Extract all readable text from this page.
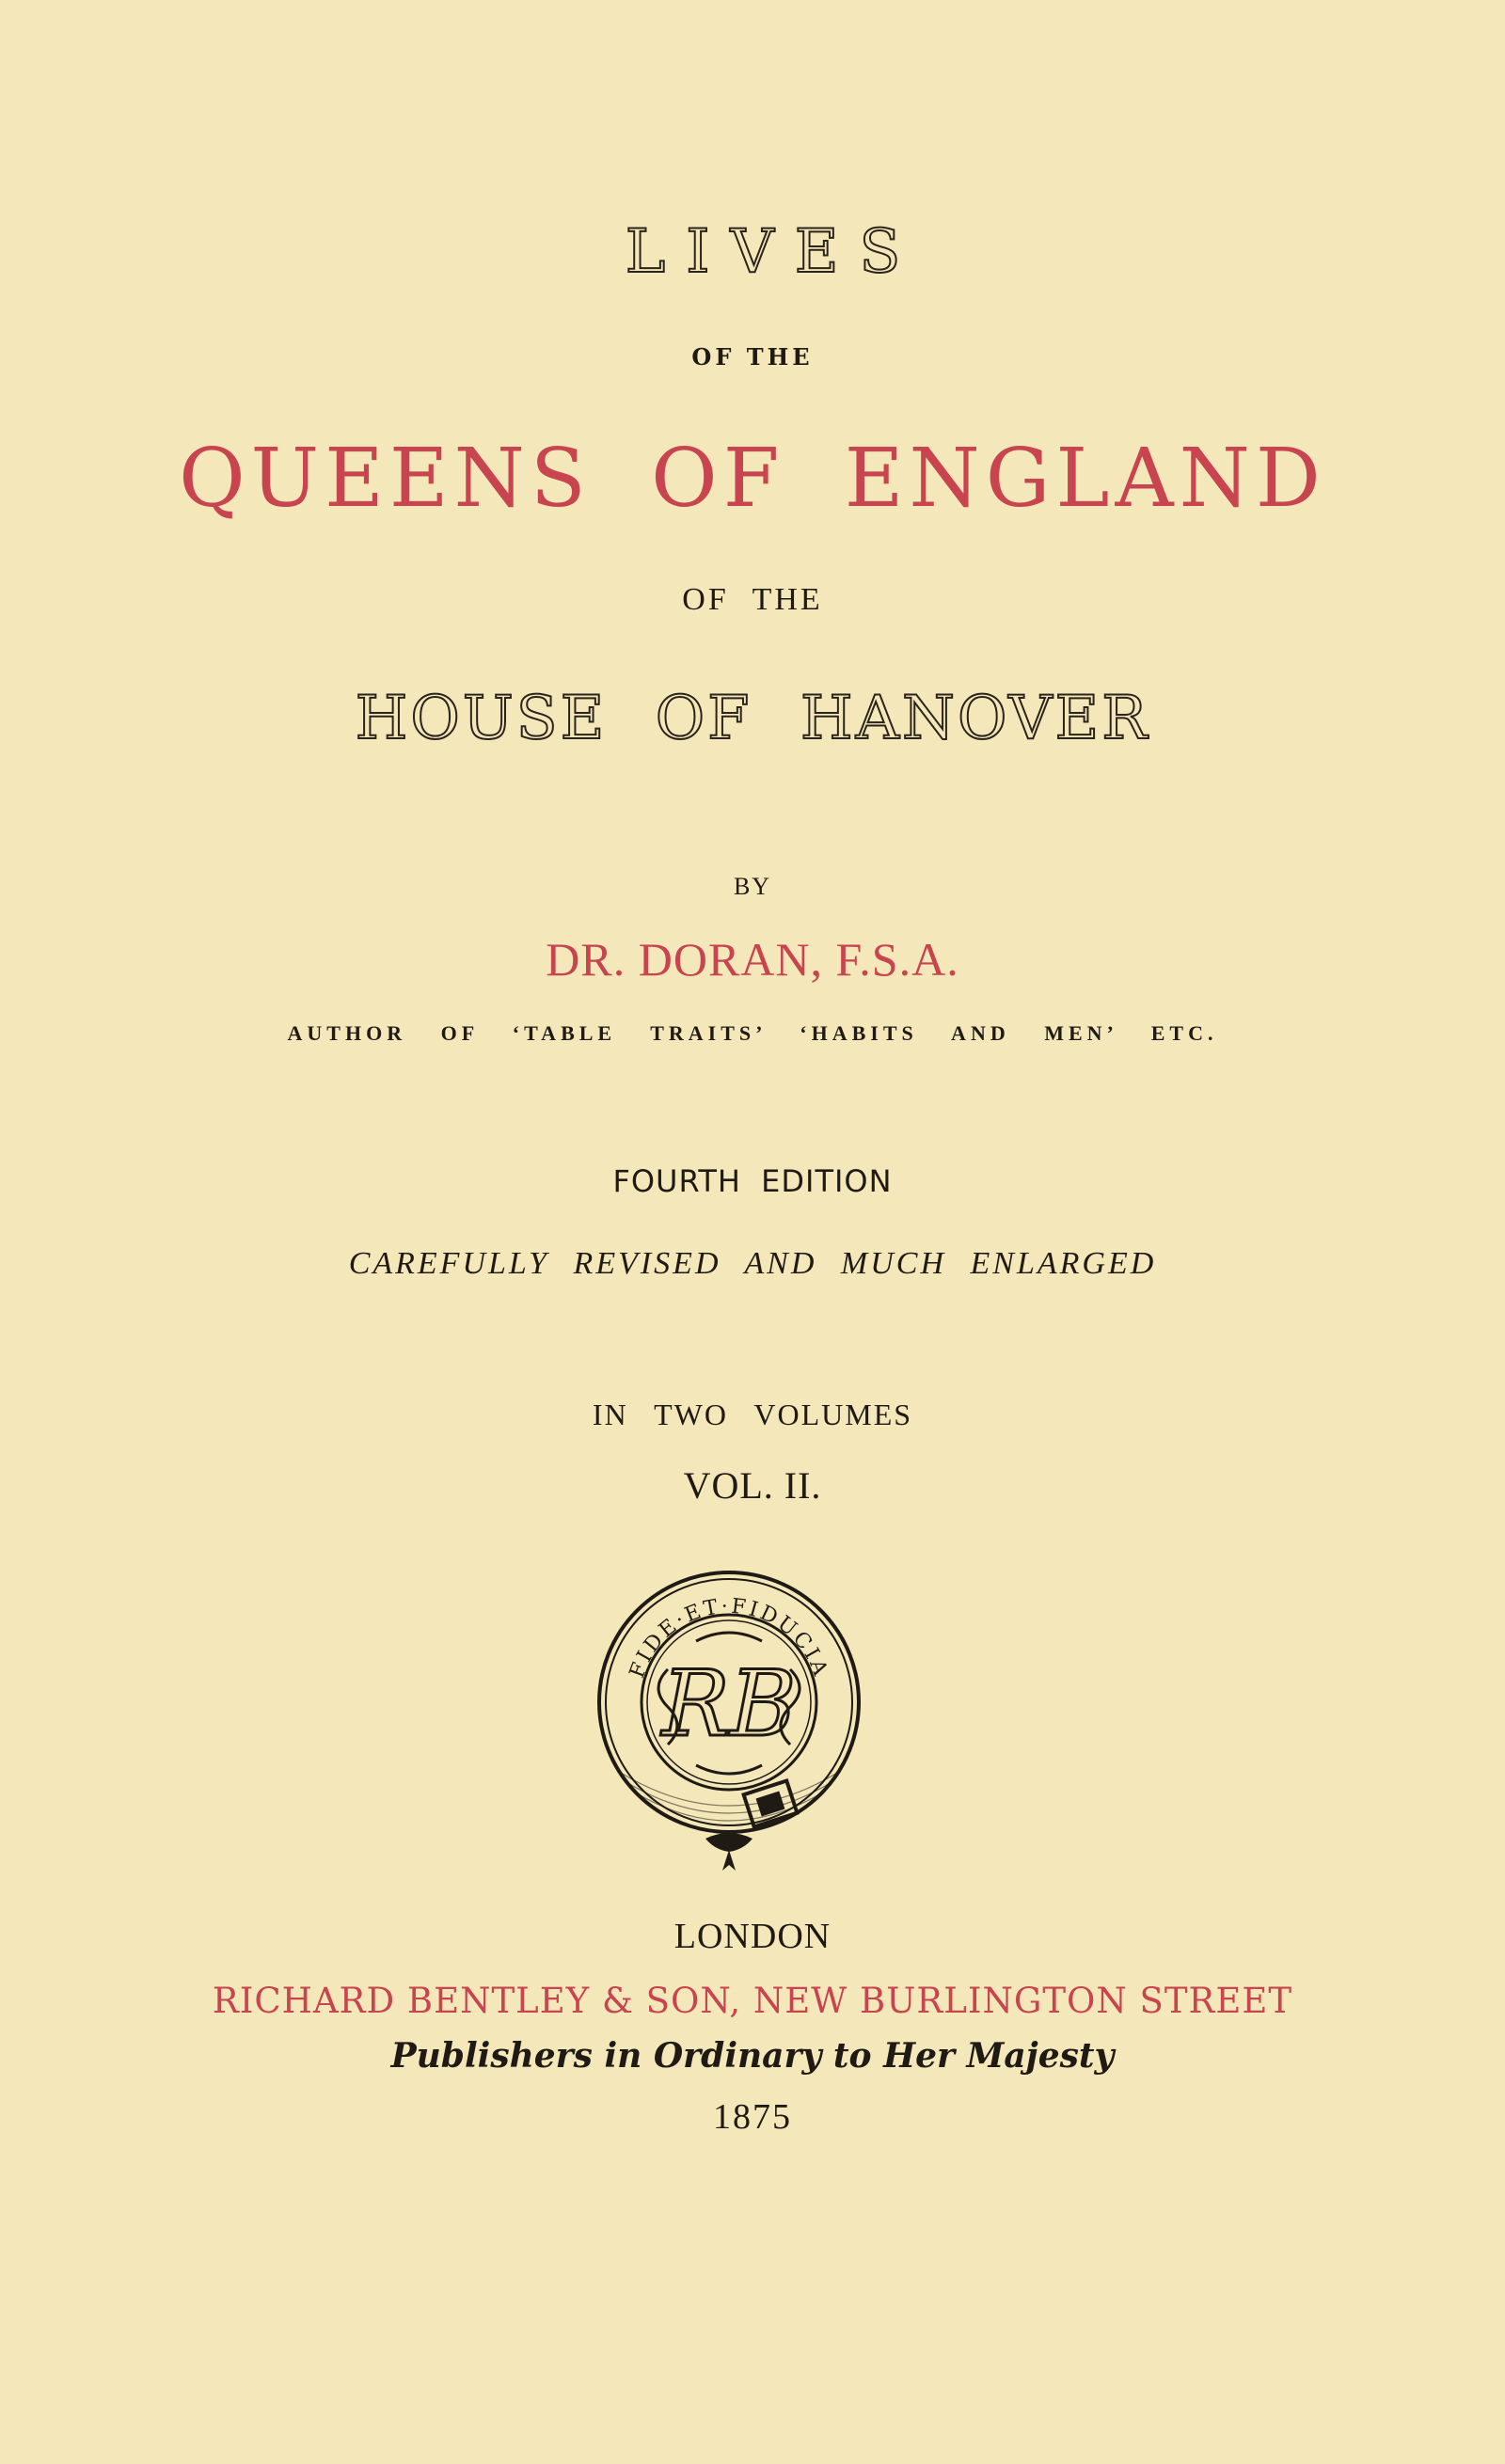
LIVES
OF THE
QUEENS OF ENGLAND
OF THE
HOUSE OF HANOVER
BY
DR. DORAN, F.S.A.
AUTHOR OF ‘TABLE TRAITS’ ‘HABITS AND MEN’ ETC.
FOURTH EDITION
CAREFULLY REVISED AND MUCH ENLARGED
IN TWO VOLUMES
VOL. II.
FIDE·ET·FIDUCIA
RB
LONDON
RICHARD BENTLEY & SON, NEW BURLINGTON STREET
Publishers in Ordinary to Her Majesty
1875
